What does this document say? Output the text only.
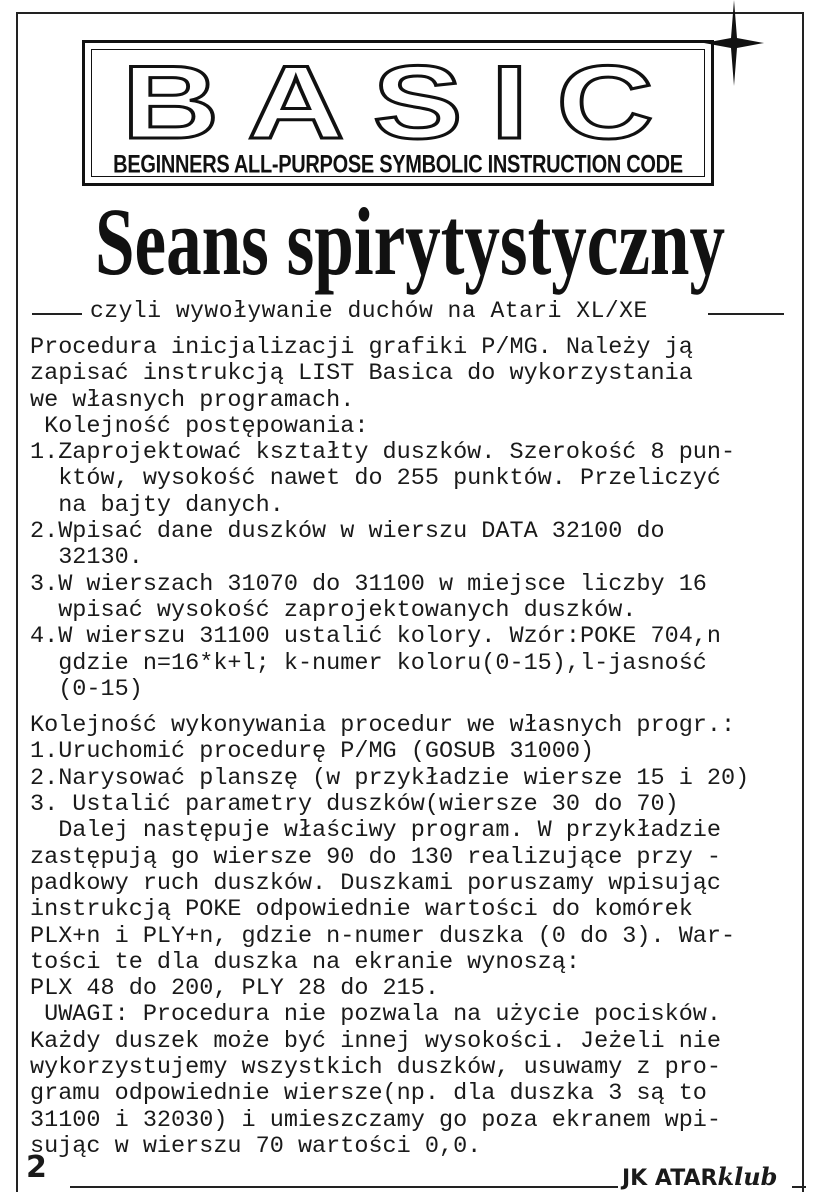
BASIC
BEGINNERS ALL-PURPOSE SYMBOLIC INSTRUCTION CODE
Seans spirytystyczny
czyli wywoływanie duchów na Atari XL/XE
Procedura inicjalizacji grafiki P/MG. Należy ją
zapisać instrukcją LIST Basica do wykorzystania
we własnych programach.
Kolejność postępowania:
1.Zaprojektować kształty duszków. Szerokość 8 pun-
któw, wysokość nawet do 255 punktów. Przeliczyć
na bajty danych.
2.Wpisać dane duszków w wierszu DATA 32100 do
32130.
3.W wierszach 31070 do 31100 w miejsce liczby 16
wpisać wysokość zaprojektowanych duszków.
4.W wierszu 31100 ustalić kolory. Wzór:POKE 704,n
gdzie n=16*k+l; k-numer koloru(0-15),l-jasność
(0-15)
Kolejność wykonywania procedur we własnych progr.:
1.Uruchomić procedurę P/MG (GOSUB 31000)
2.Narysować planszę (w przykładzie wiersze 15 i 20)
3. Ustalić parametry duszków(wiersze 30 do 70)
Dalej następuje właściwy program. W przykładzie
zastępują go wiersze 90 do 130 realizujące przy -
padkowy ruch duszków. Duszkami poruszamy wpisując
instrukcją POKE odpowiednie wartości do komórek
PLX+n i PLY+n, gdzie n-numer duszka (0 do 3). War-
tości te dla duszka na ekranie wynoszą:
PLX 48 do 200, PLY 28 do 215.
UWAGI: Procedura nie pozwala na użycie pocisków.
Każdy duszek może być innej wysokości. Jeżeli nie
wykorzystujemy wszystkich duszków, usuwamy z pro-
gramu odpowiednie wiersze(np. dla duszka 3 są to
31100 i 32030) i umieszczamy go poza ekranem wpi-
sując w wierszu 70 wartości 0,0.
2	JK ATARklub
